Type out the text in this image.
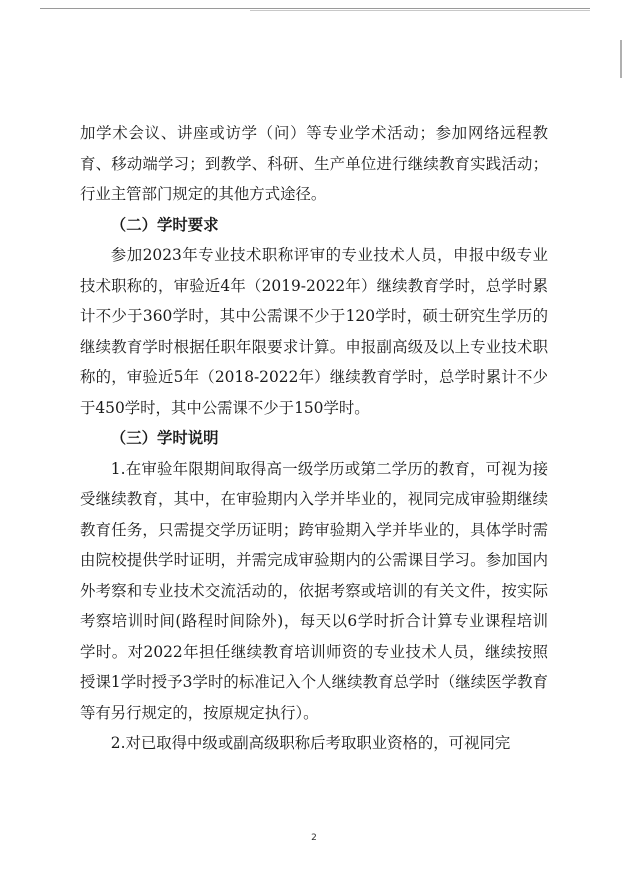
加学术会议、讲座或访学（问）等专业学术活动；参加网络远程教育、移动端学习；到教学、科研、生产单位进行继续教育实践活动；行业主管部门规定的其他方式途径。

（二）学时要求

参加2023年专业技术职称评审的专业技术人员，申报中级专业技术职称的，审验近4年（2019-2022年）继续教育学时，总学时累计不少于360学时，其中公需课不少于120学时，硕士研究生学历的继续教育学时根据任职年限要求计算。申报副高级及以上专业技术职称的，审验近5年（2018-2022年）继续教育学时，总学时累计不少于450学时，其中公需课不少于150学时。

（三）学时说明

1.在审验年限期间取得高一级学历或第二学历的教育，可视为接受继续教育，其中，在审验期内入学并毕业的，视同完成审验期继续教育任务，只需提交学历证明；跨审验期入学并毕业的，具体学时需由院校提供学时证明，并需完成审验期内的公需课目学习。参加国内外考察和专业技术交流活动的，依据考察或培训的有关文件，按实际考察培训时间(路程时间除外)，每天以6学时折合计算专业课程培训学时。对2022年担任继续教育培训师资的专业技术人员，继续按照授课1学时授予3学时的标准记入个人继续教育总学时（继续医学教育等有另行规定的，按原规定执行）。

2.对已取得中级或副高级职称后考取职业资格的，可视同完

2
